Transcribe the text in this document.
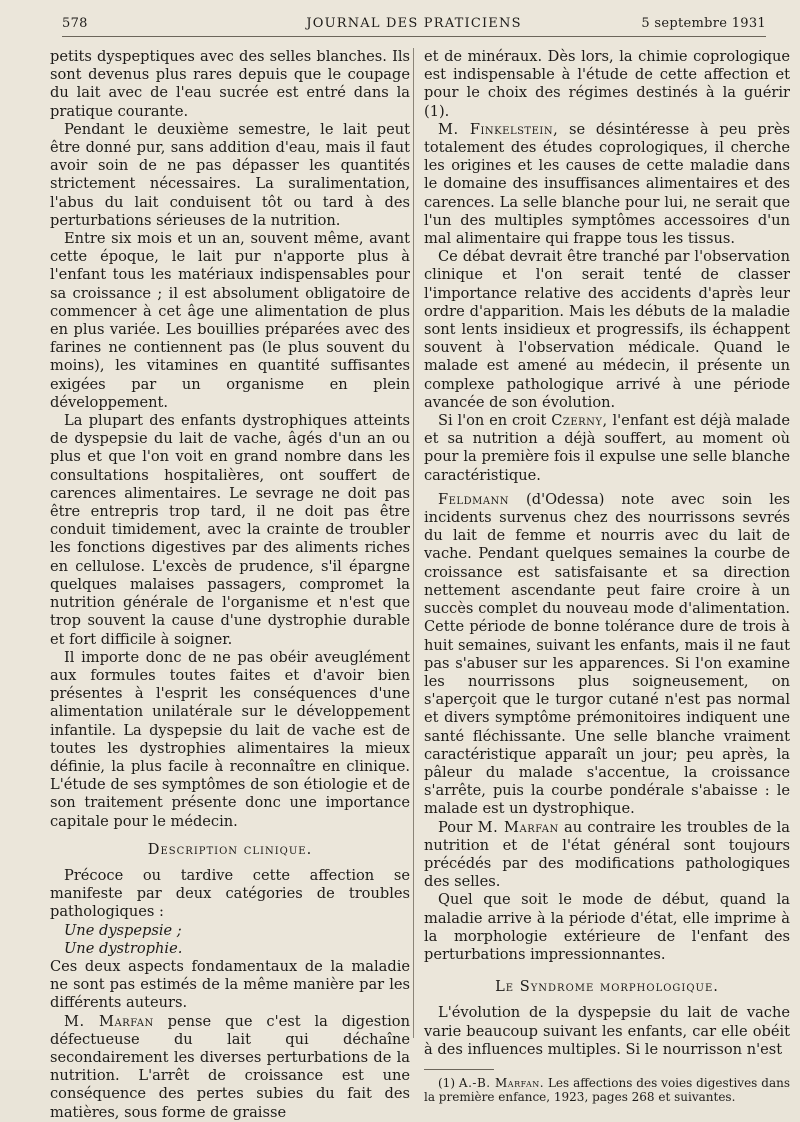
578	JOURNAL DES PRATICIENS	5 septembre 1931

petits dyspeptiques avec des selles blanches. Ils sont devenus plus rares depuis que le coupage du lait avec de l'eau sucrée est entré dans la pratique courante.

Pendant le deuxième semestre, le lait peut être donné pur, sans addition d'eau, mais il faut avoir soin de ne pas dépasser les quantités strictement nécessaires. La suralimentation, l'abus du lait conduisent tôt ou tard à des perturbations sérieuses de la nutrition.

Entre six mois et un an, souvent même, avant cette époque, le lait pur n'apporte plus à l'enfant tous les matériaux indispensables pour sa croissance ; il est absolument obligatoire de commencer à cet âge une alimentation de plus en plus variée. Les bouillies préparées avec des farines ne contiennent pas (le plus souvent du moins), les vitamines en quantité suffisantes exigées par un organisme en plein développement.

La plupart des enfants dystrophiques atteints de dyspepsie du lait de vache, âgés d'un an ou plus et que l'on voit en grand nombre dans les consultations hospitalières, ont souffert de carences alimentaires. Le sevrage ne doit pas être entrepris trop tard, il ne doit pas être conduit timidement, avec la crainte de troubler les fonctions digestives par des aliments riches en cellulose. L'excès de prudence, s'il épargne quelques malaises passagers, compromet la nutrition générale de l'organisme et n'est que trop souvent la cause d'une dystrophie durable et fort difficile à soigner.

Il importe donc de ne pas obéir aveuglément aux formules toutes faites et d'avoir bien présentes à l'esprit les conséquences d'une alimentation unilatérale sur le développement infantile. La dyspepsie du lait de vache est de toutes les dystrophies alimentaires la mieux définie, la plus facile à reconnaître en clinique. L'étude de ses symptômes de son étiologie et de son traitement présente donc une importance capitale pour le médecin.

Description clinique.

Précoce ou tardive cette affection se manifeste par deux catégories de troubles pathologiques :

Une dyspepsie ;

Une dystrophie.

Ces deux aspects fondamentaux de la maladie ne sont pas estimés de la même manière par les différents auteurs.

M. Marfan pense que c'est la digestion défectueuse du lait qui déchaîne secondairement les diverses perturbations de la nutrition. L'arrêt de croissance est une conséquence des pertes subies du fait des matières, sous forme de graisse

et de minéraux. Dès lors, la chimie coprologique est indispensable à l'étude de cette affection et pour le choix des régimes destinés à la guérir (1).

M. Finkelstein, se désintéresse à peu près totalement des études coprologiques, il cherche les origines et les causes de cette maladie dans le domaine des insuffisances alimentaires et des carences. La selle blanche pour lui, ne serait que l'un des multiples symptômes accessoires d'un mal alimentaire qui frappe tous les tissus.

Ce débat devrait être tranché par l'observation clinique et l'on serait tenté de classer l'importance relative des accidents d'après leur ordre d'apparition. Mais les débuts de la maladie sont lents insidieux et progressifs, ils échappent souvent à l'observation médicale. Quand le malade est amené au médecin, il présente un complexe pathologique arrivé à une période avancée de son évolution.

Si l'on en croit Czerny, l'enfant est déjà malade et sa nutrition a déjà souffert, au moment où pour la première fois il expulse une selle blanche caractéristique.

Feldmann (d'Odessa) note avec soin les incidents survenus chez des nourrissons sevrés du lait de femme et nourris avec du lait de vache. Pendant quelques semaines la courbe de croissance est satisfaisante et sa direction nettement ascendante peut faire croire à un succès complet du nouveau mode d'alimentation. Cette période de bonne tolérance dure de trois à huit semaines, suivant les enfants, mais il ne faut pas s'abuser sur les apparences. Si l'on examine les nourrissons plus soigneusement, on s'aperçoit que le turgor cutané n'est pas normal et divers symptôme prémonitoires indiquent une santé fléchissante. Une selle blanche vraiment caractéristique apparaît un jour; peu après, la pâleur du malade s'accentue, la croissance s'arrête, puis la courbe pondérale s'abaisse : le malade est un dystrophique.

Pour M. Marfan au contraire les troubles de la nutrition et de l'état général sont toujours précédés par des modifications pathologiques des selles.

Quel que soit le mode de début, quand la maladie arrive à la période d'état, elle imprime à la morphologie extérieure de l'enfant des perturbations impressionnantes.

Le Syndrome morphologique.

L'évolution de la dyspepsie du lait de vache varie beaucoup suivant les enfants, car elle obéit à des influences multiples. Si le nourrisson n'est

(1) A.-B. Marfan. Les affections des voies digestives dans la première enfance, 1923, pages 268 et suivantes.
